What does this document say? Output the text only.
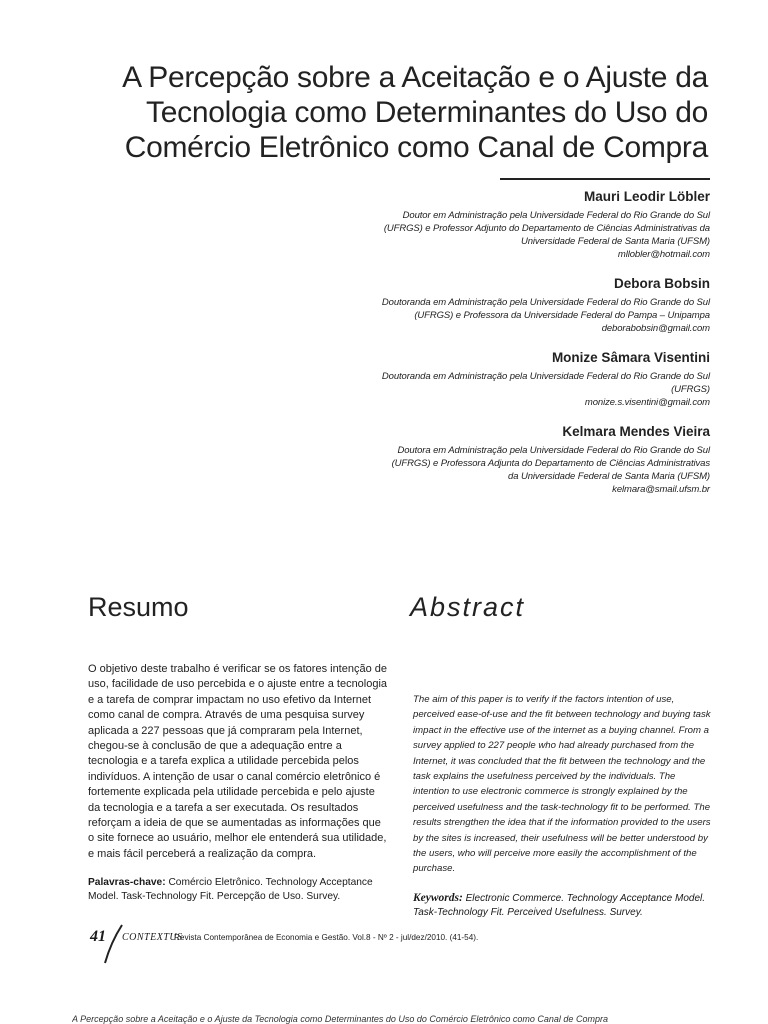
A Percepção sobre a Aceitação e o Ajuste da Tecnologia como Determinantes do Uso do Comércio Eletrônico como Canal de Compra
Mauri Leodir Löbler
Doutor em Administração pela Universidade Federal do Rio Grande do Sul (UFRGS) e Professor Adjunto do Departamento de Ciências Administrativas da Universidade Federal de Santa Maria (UFSM)
mllobler@hotmail.com
Debora Bobsin
Doutoranda em Administração pela Universidade Federal do Rio Grande do Sul (UFRGS) e Professora da Universidade Federal do Pampa – Unipampa
deborabobsin@gmail.com
Monize Sâmara Visentini
Doutoranda em Administração pela Universidade Federal do Rio Grande do Sul (UFRGS)
monize.s.visentini@gmail.com
Kelmara Mendes Vieira
Doutora em Administração pela Universidade Federal do Rio Grande do Sul (UFRGS) e Professora Adjunta do Departamento de Ciências Administrativas da Universidade Federal de Santa Maria (UFSM)
kelmara@smail.ufsm.br
Resumo	Abstract

O objetivo deste trabalho é verificar se os fatores intenção de uso, facilidade de uso percebida e o ajuste entre a tecnologia e a tarefa de comprar impactam no uso efetivo da Internet como canal de compra. Através de uma pesquisa survey aplicada a 227 pessoas que já compraram pela Internet, chegou-se à conclusão de que a adequação entre a tecnologia e a tarefa explica a utilidade percebida pelos indivíduos. A intenção de usar o canal comércio eletrônico é fortemente explicada pela utilidade percebida e pelo ajuste da tecnologia e a tarefa a ser executada. Os resultados reforçam a ideia de que se aumentadas as informações que o site fornece ao usuário, melhor ele entenderá sua utilidade, e mais fácil perceberá a realização da compra.

Palavras-chave: Comércio Eletrônico. Technology Acceptance Model. Task-Technology Fit. Percepção de Uso. Survey.

The aim of this paper is to verify if the factors intention of use, perceived ease-of-use and the fit between technology and buying task impact in the effective use of the internet as a buying channel. From a survey applied to 227 people who had already purchased from the Internet, it was concluded that the fit between the technology and the task explains the usefulness perceived by the individuals. The intention to use electronic commerce is strongly explained by the perceived usefulness and the task-technology fit to be performed. The results strengthen the idea that if the information provided to the users by the sites is increased, their usefulness will be better understood by the users, who will perceive more easily the accomplishment of the purchase.

Keywords: Electronic Commerce. Technology Acceptance Model. Task-Technology Fit. Perceived Usefulness. Survey.
41 CONTEXTUS
Revista Contemporânea de Economia e Gestão. Vol.8 - Nº 2 - jul/dez/2010. (41-54).
A Percepção sobre a Aceitação e o Ajuste da Tecnologia como Determinantes do Uso do Comércio Eletrônico como Canal de Compra
